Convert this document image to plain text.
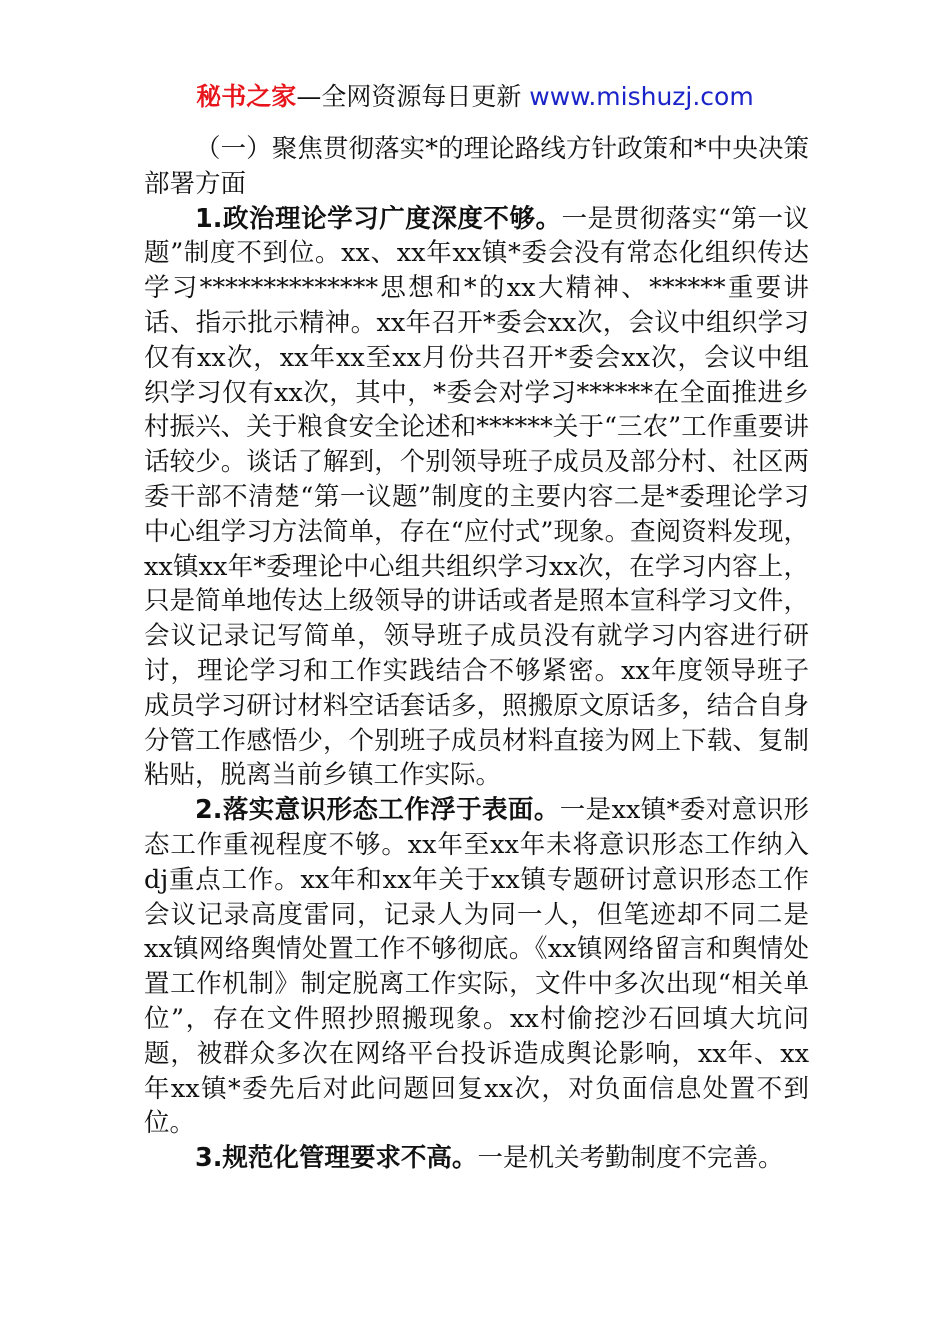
秘书之家—全网资源每日更新 www.mishuzj.com

（一）聚焦贯彻落实*的理论路线方针政策和*中央决策部署方面

1.政治理论学习广度深度不够。一是贯彻落实“第一议题”制度不到位。xx、xx年xx镇*委会没有常态化组织传达学习**************思想和*的xx大精神、******重要讲话、指示批示精神。xx年召开*委会xx次，会议中组织学习仅有xx次，xx年xx至xx月份共召开*委会xx次，会议中组织学习仅有xx次，其中，*委会对学习******在全面推进乡村振兴、关于粮食安全论述和******关于“三农”工作重要讲话较少。谈话了解到，个别领导班子成员及部分村、社区两委干部不清楚“第一议题”制度的主要内容二是*委理论学习中心组学习方法简单，存在“应付式”现象。查阅资料发现，xx镇xx年*委理论中心组共组织学习xx次，在学习内容上，只是简单地传达上级领导的讲话或者是照本宣科学习文件，会议记录记写简单，领导班子成员没有就学习内容进行研讨，理论学习和工作实践结合不够紧密。xx年度领导班子成员学习研讨材料空话套话多，照搬原文原话多，结合自身分管工作感悟少，个别班子成员材料直接为网上下载、复制粘贴，脱离当前乡镇工作实际。

2.落实意识形态工作浮于表面。一是xx镇*委对意识形态工作重视程度不够。xx年至xx年未将意识形态工作纳入dj重点工作。xx年和xx年关于xx镇专题研讨意识形态工作会议记录高度雷同，记录人为同一人，但笔迹却不同二是xx镇网络舆情处置工作不够彻底。《xx镇网络留言和舆情处置工作机制》制定脱离工作实际，文件中多次出现“相关单位”，存在文件照抄照搬现象。xx村偷挖沙石回填大坑问题，被群众多次在网络平台投诉造成舆论影响，xx年、xx年xx镇*委先后对此问题回复xx次，对负面信息处置不到位。

3.规范化管理要求不高。一是机关考勤制度不完善。
